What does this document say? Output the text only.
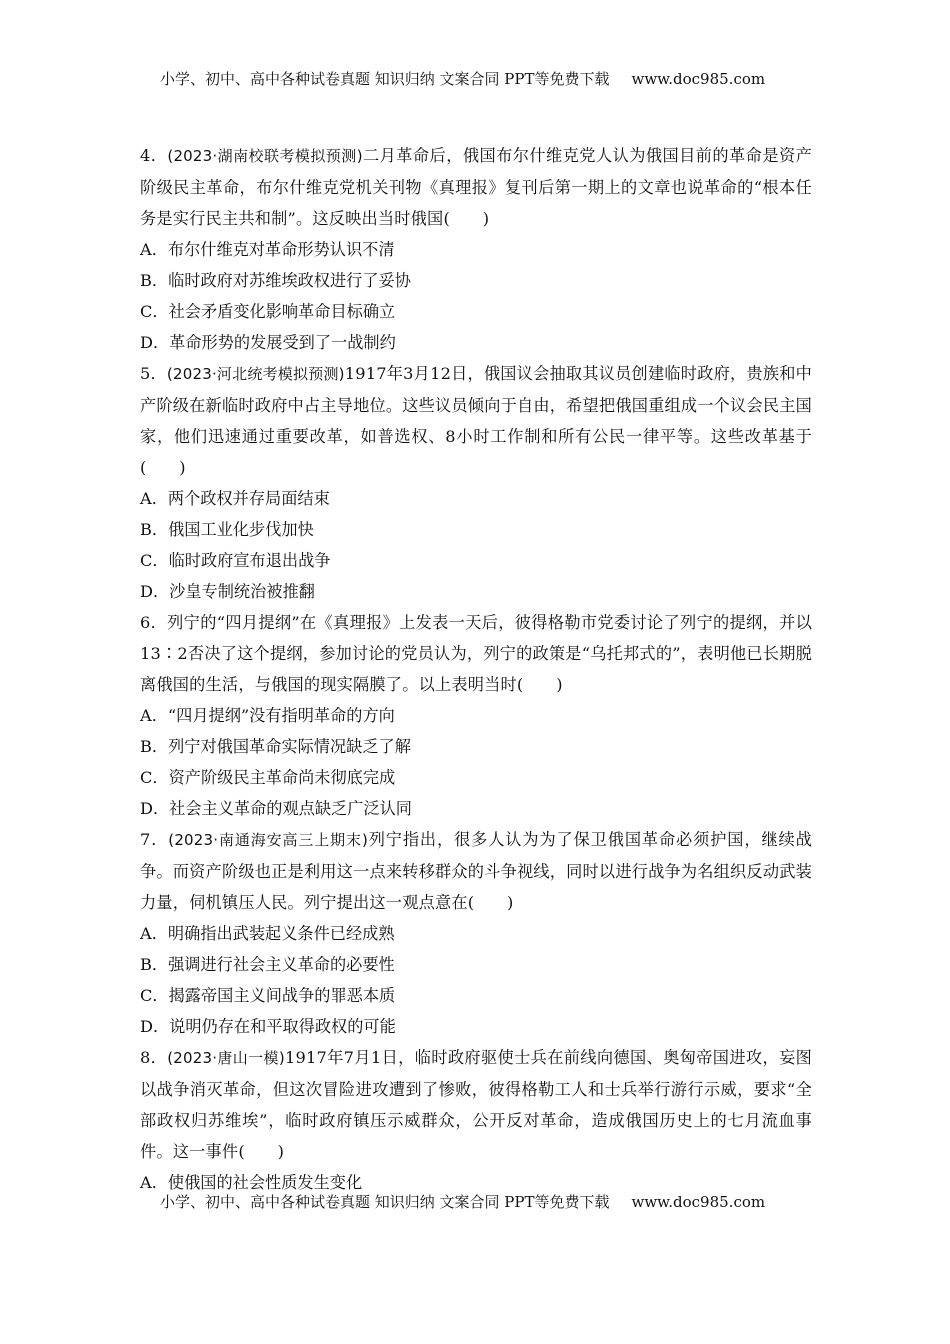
小学、初中、高中各种试卷真题 知识归纳 文案合同 PPT等免费下载 www.doc985.com
4．(2023·湖南校联考模拟预测)二月革命后，俄国布尔什维克党人认为俄国目前的革命是资产阶级民主革命，布尔什维克党机关刊物《真理报》复刊后第一期上的文章也说革命的“根本任务是实行民主共和制”。这反映出当时俄国(　　)
A．布尔什维克对革命形势认识不清
B．临时政府对苏维埃政权进行了妥协
C．社会矛盾变化影响革命目标确立
D．革命形势的发展受到了一战制约
5．(2023·河北统考模拟预测)1917年3月12日，俄国议会抽取其议员创建临时政府，贵族和中产阶级在新临时政府中占主导地位。这些议员倾向于自由，希望把俄国重组成一个议会民主国家，他们迅速通过重要改革，如普选权、8小时工作制和所有公民一律平等。这些改革基于(　　)
A．两个政权并存局面结束
B．俄国工业化步伐加快
C．临时政府宣布退出战争
D．沙皇专制统治被推翻
6．列宁的“四月提纲”在《真理报》上发表一天后，彼得格勒市党委讨论了列宁的提纲，并以13∶2否决了这个提纲，参加讨论的党员认为，列宁的政策是“乌托邦式的”，表明他已长期脱离俄国的生活，与俄国的现实隔膜了。以上表明当时(　　)
A．“四月提纲”没有指明革命的方向
B．列宁对俄国革命实际情况缺乏了解
C．资产阶级民主革命尚未彻底完成
D．社会主义革命的观点缺乏广泛认同
7．(2023·南通海安高三上期末)列宁指出，很多人认为为了保卫俄国革命必须护国，继续战争。而资产阶级也正是利用这一点来转移群众的斗争视线，同时以进行战争为名组织反动武装力量，伺机镇压人民。列宁提出这一观点意在(　　)
A．明确指出武装起义条件已经成熟
B．强调进行社会主义革命的必要性
C．揭露帝国主义间战争的罪恶本质
D．说明仍存在和平取得政权的可能
8．(2023·唐山一模)1917年7月1日，临时政府驱使士兵在前线向德国、奥匈帝国进攻，妄图以战争消灭革命，但这次冒险进攻遭到了惨败，彼得格勒工人和士兵举行游行示威，要求“全部政权归苏维埃”，临时政府镇压示威群众，公开反对革命，造成俄国历史上的七月流血事件。这一事件(　　)
A．使俄国的社会性质发生变化
小学、初中、高中各种试卷真题 知识归纳 文案合同 PPT等免费下载 www.doc985.com
